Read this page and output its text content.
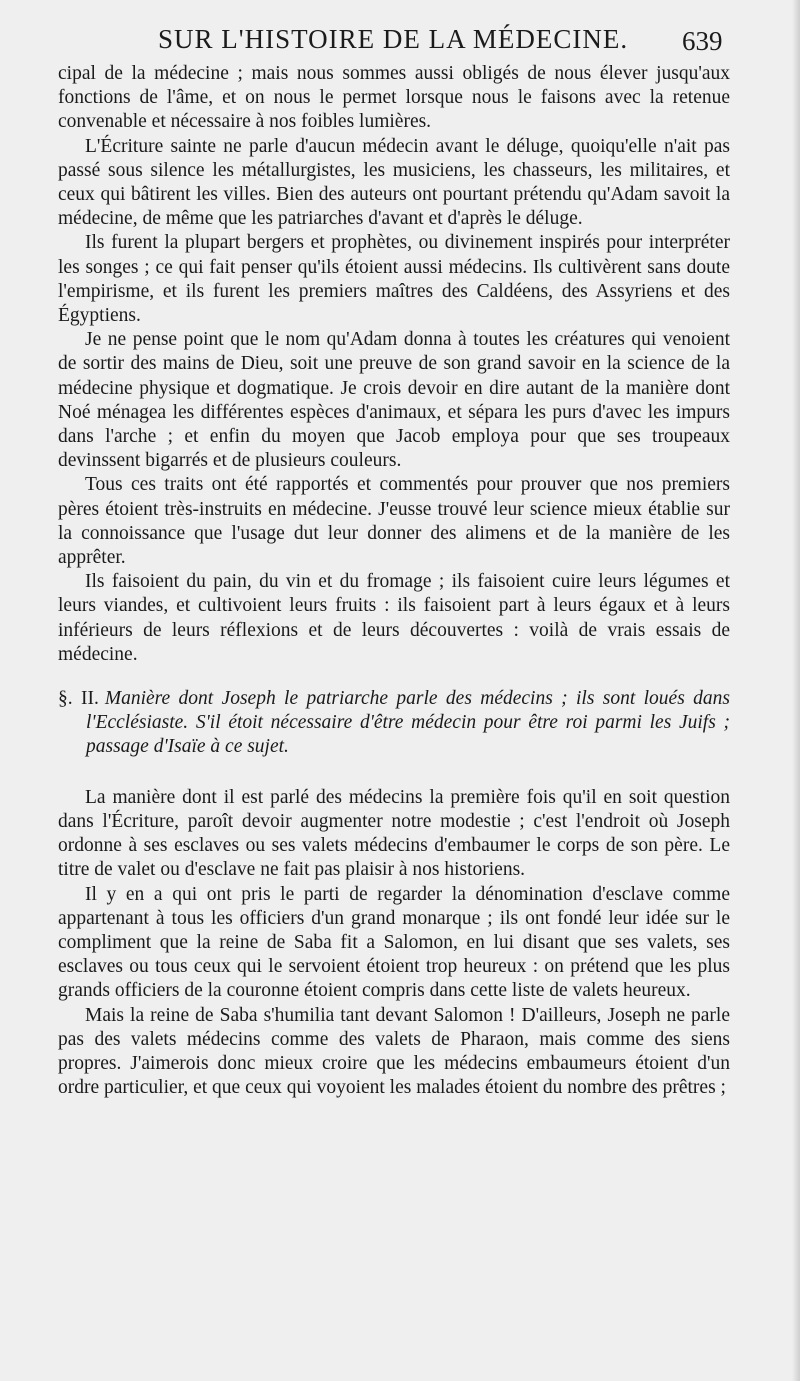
SUR L'HISTOIRE DE LA MÉDECINE. 639

cipal de la médecine ; mais nous sommes aussi obligés de nous élever jusqu'aux fonctions de l'âme, et on nous le permet lorsque nous le faisons avec la retenue convenable et nécessaire à nos foibles lumières.

L'Écriture sainte ne parle d'aucun médecin avant le déluge, quoiqu'elle n'ait pas passé sous silence les métallurgistes, les musiciens, les chasseurs, les militaires, et ceux qui bâtirent les villes. Bien des auteurs ont pourtant prétendu qu'Adam savoit la médecine, de même que les patriarches d'avant et d'après le déluge.

Ils furent la plupart bergers et prophètes, ou divinement inspirés pour interpréter les songes ; ce qui fait penser qu'ils étoient aussi médecins. Ils cultivèrent sans doute l'empirisme, et ils furent les premiers maîtres des Caldéens, des Assyriens et des Égyptiens.

Je ne pense point que le nom qu'Adam donna à toutes les créatures qui venoient de sortir des mains de Dieu, soit une preuve de son grand savoir en la science de la médecine physique et dogmatique. Je crois devoir en dire autant de la manière dont Noé ménagea les différentes espèces d'animaux, et sépara les purs d'avec les impurs dans l'arche ; et enfin du moyen que Jacob employa pour que ses troupeaux devinssent bigarrés et de plusieurs couleurs.

Tous ces traits ont été rapportés et commentés pour prouver que nos premiers pères étoient très-instruits en médecine. J'eusse trouvé leur science mieux établie sur la connoissance que l'usage dut leur donner des alimens et de la manière de les apprêter.

Ils faisoient du pain, du vin et du fromage ; ils faisoient cuire leurs légumes et leurs viandes, et cultivoient leurs fruits : ils faisoient part à leurs égaux et à leurs inférieurs de leurs réflexions et de leurs découvertes : voilà de vrais essais de médecine.

§. II. Manière dont Joseph le patriarche parle des médecins ; ils sont loués dans l'Ecclésiaste. S'il étoit nécessaire d'être médecin pour être roi parmi les Juifs ; passage d'Isaïe à ce sujet.

La manière dont il est parlé des médecins la première fois qu'il en soit question dans l'Écriture, paroît devoir augmenter notre modestie ; c'est l'endroit où Joseph ordonne à ses esclaves ou ses valets médecins d'embaumer le corps de son père. Le titre de valet ou d'esclave ne fait pas plaisir à nos historiens.

Il y en a qui ont pris le parti de regarder la dénomination d'esclave comme appartenant à tous les officiers d'un grand monarque ; ils ont fondé leur idée sur le compliment que la reine de Saba fit a Salomon, en lui disant que ses valets, ses esclaves ou tous ceux qui le servoient étoient trop heureux : on prétend que les plus grands officiers de la couronne étoient compris dans cette liste de valets heureux.

Mais la reine de Saba s'humilia tant devant Salomon ! D'ailleurs, Joseph ne parle pas des valets médecins comme des valets de Pharaon, mais comme des siens propres. J'aimerois donc mieux croire que les médecins embaumeurs étoient d'un ordre particulier, et que ceux qui voyoient les malades étoient du nombre des prêtres ;
